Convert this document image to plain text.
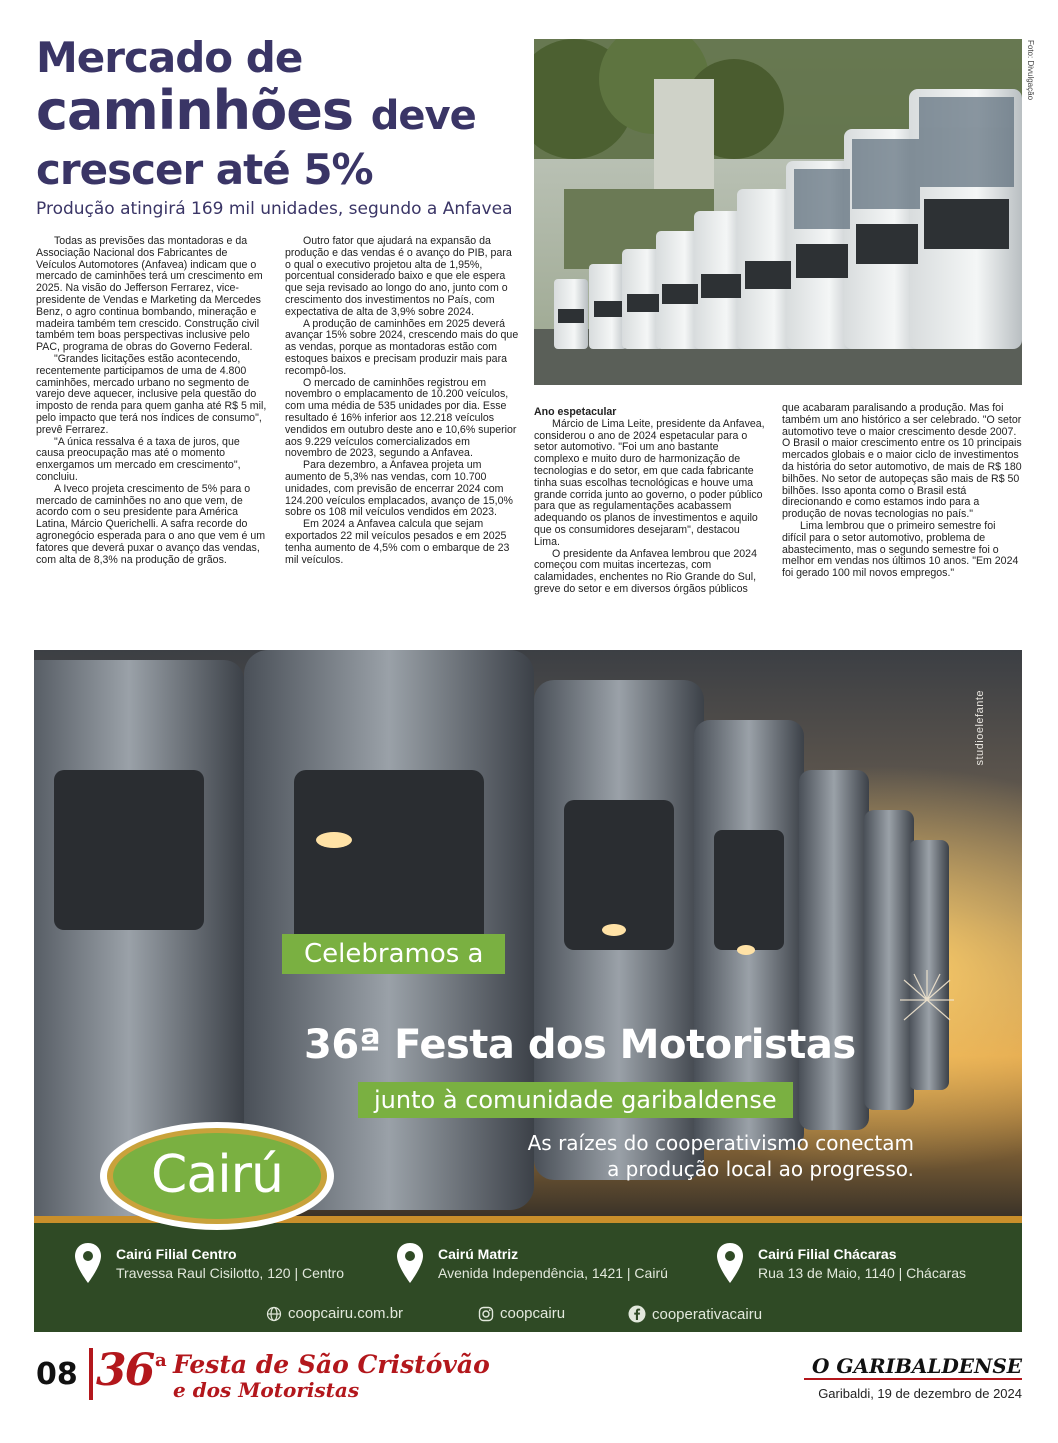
Mercado de
caminhões deve
crescer até 5%
Produção atingirá 169 mil unidades, segundo a Anfavea
Foto: Divulgação

Todas as previsões das montadoras e da Associação Nacional dos Fabricantes de Veículos Automotores (Anfavea) indicam que o mercado de caminhões terá um crescimento em 2025. Na visão do Jefferson Ferrarez, vice-presidente de Vendas e Marketing da Mercedes Benz, o agro continua bombando, mineração e madeira também tem crescido. Construção civil também tem boas perspectivas inclusive pelo PAC, programa de obras do Governo Federal.

"Grandes licitações estão acontecendo, recentemente participamos de uma de 4.800 caminhões, mercado urbano no segmento de varejo deve aquecer, inclusive pela questão do imposto de renda para quem ganha até R$ 5 mil, pelo impacto que terá nos índices de consumo", prevê Ferrarez.

"A única ressalva é a taxa de juros, que causa preocupação mas até o momento enxergamos um mercado em crescimento", concluiu.

A Iveco projeta crescimento de 5% para o mercado de caminhões no ano que vem, de acordo com o seu presidente para América Latina, Márcio Querichelli. A safra recorde do agronegócio esperada para o ano que vem é um fatores que deverá puxar o avanço das vendas, com alta de 8,3% na produção de grãos.

Outro fator que ajudará na expansão da produção e das vendas é o avanço do PIB, para o qual o executivo projetou alta de 1,95%, porcentual considerado baixo e que ele espera que seja revisado ao longo do ano, junto com o crescimento dos investimentos no País, com expectativa de alta de 3,9% sobre 2024.

A produção de caminhões em 2025 deverá avançar 15% sobre 2024, crescendo mais do que as vendas, porque as montadoras estão com estoques baixos e precisam produzir mais para recompô-los.

O mercado de caminhões registrou em novembro o emplacamento de 10.200 veículos, com uma média de 535 unidades por dia. Esse resultado é 16% inferior aos 12.218 veículos vendidos em outubro deste ano e 10,6% superior aos 9.229 veículos comercializados em novembro de 2023, segundo a Anfavea.

Para dezembro, a Anfavea projeta um aumento de 5,3% nas vendas, com 10.700 unidades, com previsão de encerrar 2024 com 124.200 veículos emplacados, avanço de 15,0% sobre os 108 mil veículos vendidos em 2023.

Em 2024 a Anfavea calcula que sejam exportados 22 mil veículos pesados e em 2025 tenha aumento de 4,5% com o embarque de 23 mil veículos.

Ano espetacular

Márcio de Lima Leite, presidente da Anfavea, considerou o ano de 2024 espetacular para o setor automotivo. "Foi um ano bastante complexo e muito duro de harmonização de tecnologias e do setor, em que cada fabricante tinha suas escolhas tecnológicas e houve uma grande corrida junto ao governo, o poder público para que as regulamentações acabassem adequando os planos de investimentos e aquilo que os consumidores desejaram", destacou Lima.

O presidente da Anfavea lembrou que 2024 começou com muitas incertezas, com calamidades, enchentes no Rio Grande do Sul, greve do setor e em diversos órgãos públicos

que acabaram paralisando a produção. Mas foi também um ano histórico a ser celebrado. "O setor automotivo teve o maior crescimento desde 2007. O Brasil o maior crescimento entre os 10 principais mercados globais e o maior ciclo de investimentos da história do setor automotivo, de mais de R$ 180 bilhões. No setor de autopeças são mais de R$ 50 bilhões. Isso aponta como o Brasil está direcionando e como estamos indo para a produção de novas tecnologias no país."

Lima lembrou que o primeiro semestre foi difícil para o setor automotivo, problema de abastecimento, mas o segundo semestre foi o melhor em vendas nos últimos 10 anos. "Em 2024 foi gerado 100 mil novos empregos."

studioelefante
Celebramos a
36ª Festa dos Motoristas
junto à comunidade garibaldense
As raízes do cooperativismo conectam
a produção local ao progresso.
Cairú Filial Centro
Travessa Raul Cisilotto, 120 | Centro
Cairú Matriz
Avenida Independência, 1421 | Cairú
Cairú Filial Chácaras
Rua 13 de Maio, 1140 | Chácaras
coopcairu.com.br	coopcairu	cooperativacairu
Cairú
08 36 a Festa de São Cristóvão
e dos Motoristas
O GARIBALDENSE
Garibaldi, 19 de dezembro de 2024
